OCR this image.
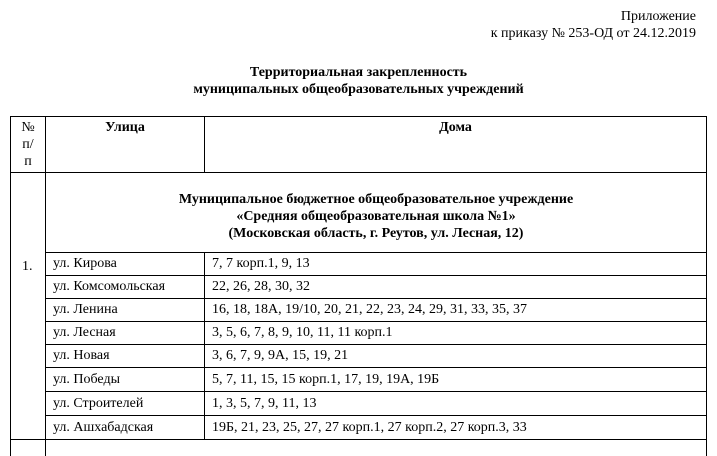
Приложение
к приказу № 253-ОД от 24.12.2019
Территориальная закрепленность
муниципальных общеобразовательных учреждений
№
п/
п
Улица	Дома
1.
Муниципальное бюджетное общеобразовательное учреждение
«Средняя общеобразовательная школа №1»
(Московская область, г. Реутов, ул. Лесная, 12)
ул. Кирова	7, 7 корп.1, 9, 13
ул. Комсомольская	22, 26, 28, 30, 32
ул. Ленина	16, 18, 18А, 19/10, 20, 21, 22, 23, 24, 29, 31, 33, 35, 37
ул. Лесная	3, 5, 6, 7, 8, 9, 10, 11, 11 корп.1
ул. Новая	3, 6, 7, 9, 9А, 15, 19, 21
ул. Победы	5, 7, 11, 15, 15 корп.1, 17, 19, 19А, 19Б
ул. Строителей	1, 3, 5, 7, 9, 11, 13
ул. Ашхабадская	19Б, 21, 23, 25, 27, 27 корп.1, 27 корп.2, 27 корп.3, 33
